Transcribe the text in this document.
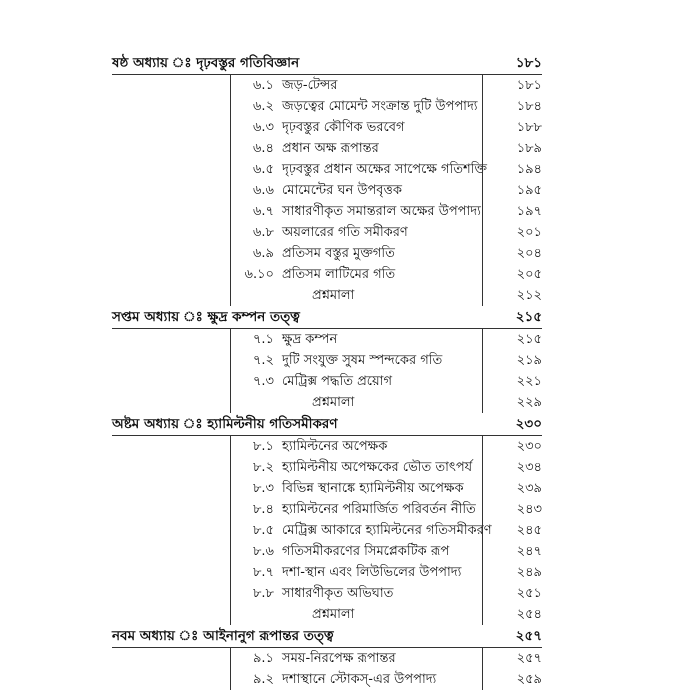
ষষ্ঠ অধ্যায় ঃ দৃঢ়বস্তুর গতিবিজ্ঞান	১৮১
৬.১ জড়-টেন্সর	১৮১
৬.২ জড়ত্বের মোমেন্ট সংক্রান্ত দুটি উপপাদ্য	১৮৪
৬.৩ দৃঢ়বস্তুর কৌণিক ভরবেগ	১৮৮
৬.৪ প্রধান অক্ষ রূপান্তর	১৮৯
৬.৫ দৃঢ়বস্তুর প্রধান অক্ষের সাপেক্ষে গতিশক্তি	১৯৪
৬.৬ মোমেন্টের ঘন উপবৃত্তক	১৯৫
৬.৭ সাধারণীকৃত সমান্তরাল অক্ষের উপপাদ্য	১৯৭
৬.৮ অয়লারের গতি সমীকরণ	২০১
৬.৯ প্রতিসম বস্তুর মুক্তগতি	২০৪
৬.১০ প্রতিসম লাটিমের গতি	২০৫
প্রশ্নমালা	২১২
সপ্তম অধ্যায় ঃ ক্ষুদ্র কম্পন তত্ত্ব	২১৫
৭.১ ক্ষুদ্র কম্পন	২১৫
৭.২ দুটি সংযুক্ত সুষম স্পন্দকের গতি	২১৯
৭.৩ মেট্রিক্স পদ্ধতি প্রয়োগ	২২১
প্রশ্নমালা	২২৯
অষ্টম অধ্যায় ঃ হ্যামিল্টনীয় গতিসমীকরণ	২৩০
৮.১ হ্যামিল্টনের অপেক্ষক	২৩০
৮.২ হ্যামিল্টনীয় অপেক্ষকের ভৌত তাৎপর্য	২৩৪
৮.৩ বিভিন্ন স্থানাঙ্কে হ্যামিল্টনীয় অপেক্ষক	২৩৯
৮.৪ হ্যামিল্টনের পরিমার্জিত পরিবর্তন নীতি	২৪৩
৮.৫ মেট্রিক্স আকারে হ্যামিল্টনের গতিসমীকরণ	২৪৫
৮.৬ গতিসমীকরণের সিমপ্লেকটিক রূপ	২৪৭
৮.৭ দশা-স্থান এবং লিউভিলের উপপাদ্য	২৪৯
৮.৮ সাধারণীকৃত অভিঘাত	২৫১
প্রশ্নমালা	২৫৪
নবম অধ্যায় ঃ আইনানুগ রূপান্তর তত্ত্ব	২৫৭
৯.১ সময়-নিরপেক্ষ রূপান্তর	২৫৭
৯.২ দশাস্থানে স্টোকস্-এর উপপাদ্য	২৫৯
